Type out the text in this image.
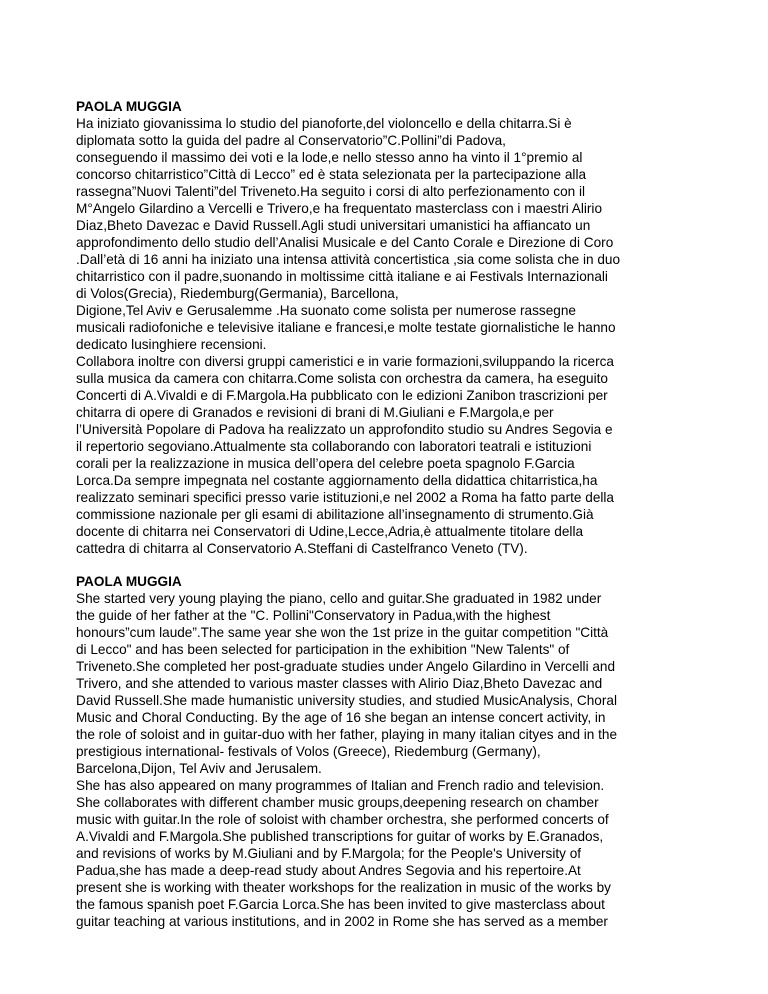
PAOLA MUGGIA
Ha iniziato giovanissima lo studio del pianoforte,del violoncello e della chitarra.Si è
diplomata sotto la guida del padre al Conservatorio”C.Pollini”di Padova,
conseguendo il massimo dei voti e la lode,e nello stesso anno ha vinto il 1°premio al
concorso chitarristico”Città di Lecco” ed è stata selezionata per la partecipazione alla
rassegna”Nuovi Talenti”del Triveneto.Ha seguito i corsi di alto perfezionamento con il
M°Angelo Gilardino a Vercelli e Trivero,e ha frequentato masterclass con i maestri Alirio
Diaz,Bheto Davezac e David Russell.Agli studi universitari umanistici ha affiancato un
approfondimento dello studio dell’Analisi Musicale e del Canto Corale e Direzione di Coro
.Dall’età di 16 anni ha iniziato una intensa attività concertistica ,sia come solista che in duo
chitarristico con il padre,suonando in moltissime città italiane e ai Festivals Internazionali
di Volos(Grecia), Riedemburg(Germania), Barcellona,
Digione,Tel Aviv e Gerusalemme .Ha suonato come solista per numerose rassegne
musicali radiofoniche e televisive italiane e francesi,e molte testate giornalistiche le hanno
dedicato lusinghiere recensioni.
Collabora inoltre con diversi gruppi cameristici e in varie formazioni,sviluppando la ricerca
sulla musica da camera con chitarra.Come solista con orchestra da camera, ha eseguito
Concerti di A.Vivaldi e di F.Margola.Ha pubblicato con le edizioni Zanibon trascrizioni per
chitarra di opere di Granados e revisioni di brani di M.Giuliani e F.Margola,e per
l’Università Popolare di Padova ha realizzato un approfondito studio su Andres Segovia e
il repertorio segoviano.Attualmente sta collaborando con laboratori teatrali e istituzioni
corali per la realizzazione in musica dell’opera del celebre poeta spagnolo F.Garcia
Lorca.Da sempre impegnata nel costante aggiornamento della didattica chitarristica,ha
realizzato seminari specifici presso varie istituzioni,e nel 2002 a Roma ha fatto parte della
commissione nazionale per gli esami di abilitazione all’insegnamento di strumento.Già
docente di chitarra nei Conservatori di Udine,Lecce,Adria,è attualmente titolare della
cattedra di chitarra al Conservatorio A.Steffani di Castelfranco Veneto (TV).
PAOLA MUGGIA
She started very young playing the piano, cello and guitar.She graduated in 1982 under
the guide of her father at the "C. Pollini"Conservatory in Padua,with the highest
honours”cum laude”.The same year she won the 1st prize in the guitar competition "Città
di Lecco" and has been selected for participation in the exhibition "New Talents" of
Triveneto.She completed her post-graduate studies under Angelo Gilardino in Vercelli and
Trivero, and she attended to various master classes with Alirio Diaz,Bheto Davezac and
David Russell.She made humanistic university studies, and studied MusicAnalysis, Choral
Music and Choral Conducting. By the age of 16 she began an intense concert activity, in
the role of soloist and in guitar-duo with her father, playing in many italian cityes and in the
prestigious international- festivals of Volos (Greece), Riedemburg (Germany),
Barcelona,Dijon, Tel Aviv and Jerusalem.
She has also appeared on many programmes of Italian and French radio and television.
She collaborates with different chamber music groups,deepening research on chamber
music with guitar.In the role of soloist with chamber orchestra, she performed concerts of
A.Vivaldi and F.Margola.She published transcriptions for guitar of works by E.Granados,
and revisions of works by M.Giuliani and by F.Margola; for the People's University of
Padua,she has made a deep-read study about Andres Segovia and his repertoire.At
present she is working with theater workshops for the realization in music of the works by
the famous spanish poet F.Garcia Lorca.She has been invited to give masterclass about
guitar teaching at various institutions, and in 2002 in Rome she has served as a member
